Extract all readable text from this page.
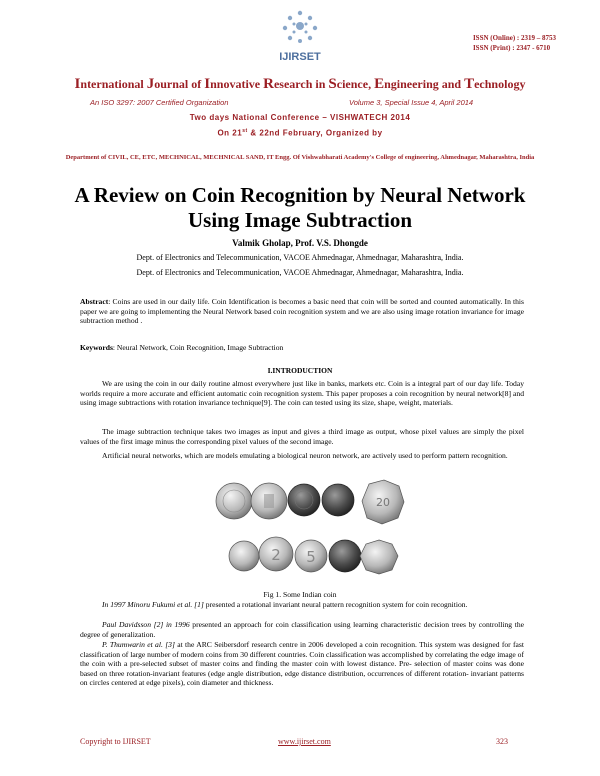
IJIRSET
ISSN (Online) : 2319 – 8753
ISSN (Print) : 2347 - 6710
International Journal of Innovative Research in Science, Engineering and Technology
An ISO 3297: 2007 Certified Organization	Volume 3, Special Issue 4, April 2014
Two days National Conference – VISHWATECH 2014
On 21st & 22nd February, Organized by
Department of CIVIL, CE, ETC, MECHNICAL, MECHNICAL SAND, IT Engg. Of Vishwabharati Academy's College of engineering, Ahmednagar, Maharashtra, India
A Review on Coin Recognition by Neural Network Using Image Subtraction
Valmik Gholap, Prof. V.S. Dhongde
Dept. of Electronics and Telecommunication, VACOE Ahmednagar, Ahmednagar, Maharashtra, India.
Dept. of Electronics and Telecommunication, VACOE Ahmednagar, Ahmednagar, Maharashtra, India.
Abstract: Coins are used in our daily life. Coin Identification is becomes a basic need that coin will be sorted and counted automatically. In this paper we are going to implementing the Neural Network based coin recognition system and we are also using image rotation invariance for image subtraction method .
Keywords: Neural Network, Coin Recognition, Image Subtraction
I.INTRODUCTION
We are using the coin in our daily routine almost everywhere just like in banks, markets etc. Coin is a integral part of our day life. Today worlds require a more accurate and efficient automatic coin recognition system. This paper proposes a coin recognition by neural network[8] and using image subtractions with rotation invariance technique[9]. The coin can tested using its size, shape, weight, materials.
The image subtraction technique takes two images as input and gives a third image as output, whose pixel values are simply the pixel values of the first image minus the corresponding pixel values of the second image.
Artificial neural networks, which are models emulating a biological neuron network, are actively used to perform pattern recognition.
20
2 5
Fig 1. Some Indian coin
In 1997 Minoru Fukumi et al. [1] presented a rotational invariant neural pattern recognition system for coin recognition.
Paul Davidsson [2] in 1996 presented an approach for coin classification using learning characteristic decision trees by controlling the degree of generalization.
P. Thumwarin et al. [3] at the ARC Seibersdorf research centre in 2006 developed a coin recognition. This system was designed for fast classification of large number of modern coins from 30 different countries. Coin classification was accomplished by correlating the edge image of the coin with a pre-selected subset of master coins and finding the master coin with lowest distance. Pre- selection of master coins was done based on three rotation-invariant features (edge angle distribution, edge distance distribution, occurrences of different rotation- invariant patterns on circles centered at edge pixels), coin diameter and thickness.
Copyright to IJIRSET	www.ijirset.com	323
